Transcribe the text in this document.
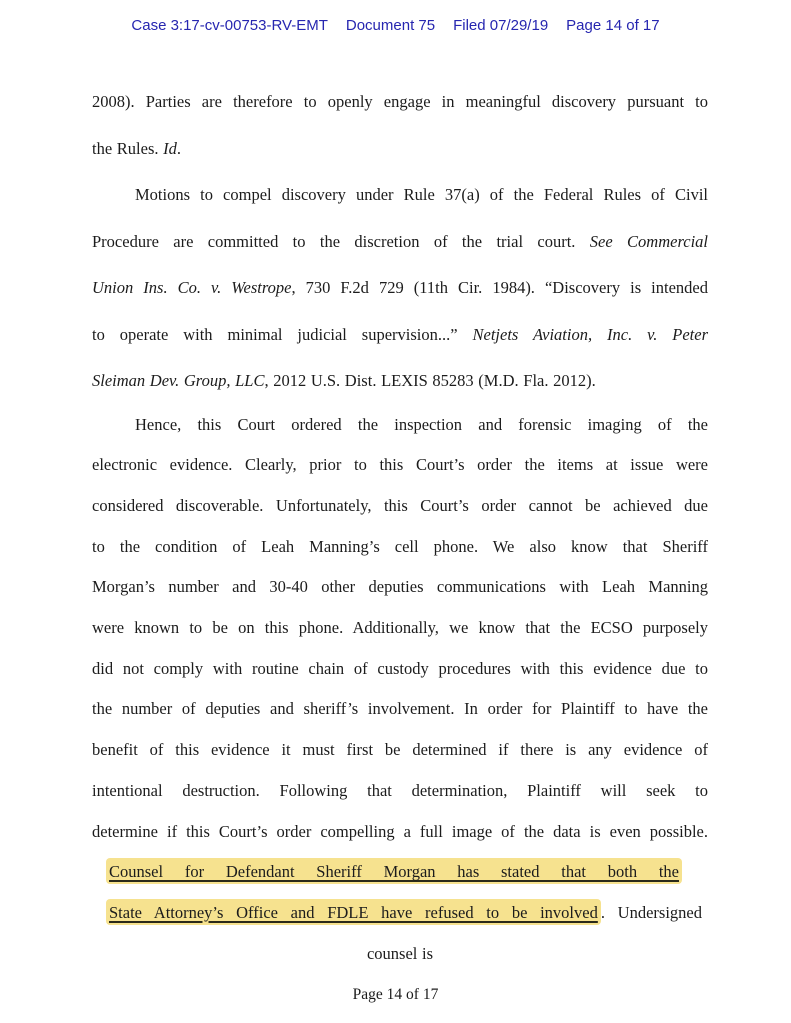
Case 3:17-cv-00753-RV-EMT Document 75 Filed 07/29/19 Page 14 of 17
2008). Parties are therefore to openly engage in meaningful discovery pursuant to
the Rules. Id.
Motions to compel discovery under Rule 37(a) of the Federal Rules of Civil
Procedure are committed to the discretion of the trial court. See Commercial
Union Ins. Co. v. Westrope, 730 F.2d 729 (11th Cir. 1984). “Discovery is intended
to operate with minimal judicial supervision...” Netjets Aviation, Inc. v. Peter
Sleiman Dev. Group, LLC, 2012 U.S. Dist. LEXIS 85283 (M.D. Fla. 2012).
Hence, this Court ordered the inspection and forensic imaging of the
electronic evidence. Clearly, prior to this Court’s order the items at issue were
considered discoverable. Unfortunately, this Court’s order cannot be achieved due
to the condition of Leah Manning’s cell phone. We also know that Sheriff
Morgan’s number and 30-40 other deputies communications with Leah Manning
were known to be on this phone. Additionally, we know that the ECSO purposely
did not comply with routine chain of custody procedures with this evidence due to
the number of deputies and sheriff’s involvement. In order for Plaintiff to have the
benefit of this evidence it must first be determined if there is any evidence of
intentional destruction. Following that determination, Plaintiff will seek to
determine if this Court’s order compelling a full image of the data is even possible.
Counsel for Defendant Sheriff Morgan has stated that both the
State Attorney’s Office and FDLE have refused to be involved . Undersigned
counsel is
Page 14 of 17
